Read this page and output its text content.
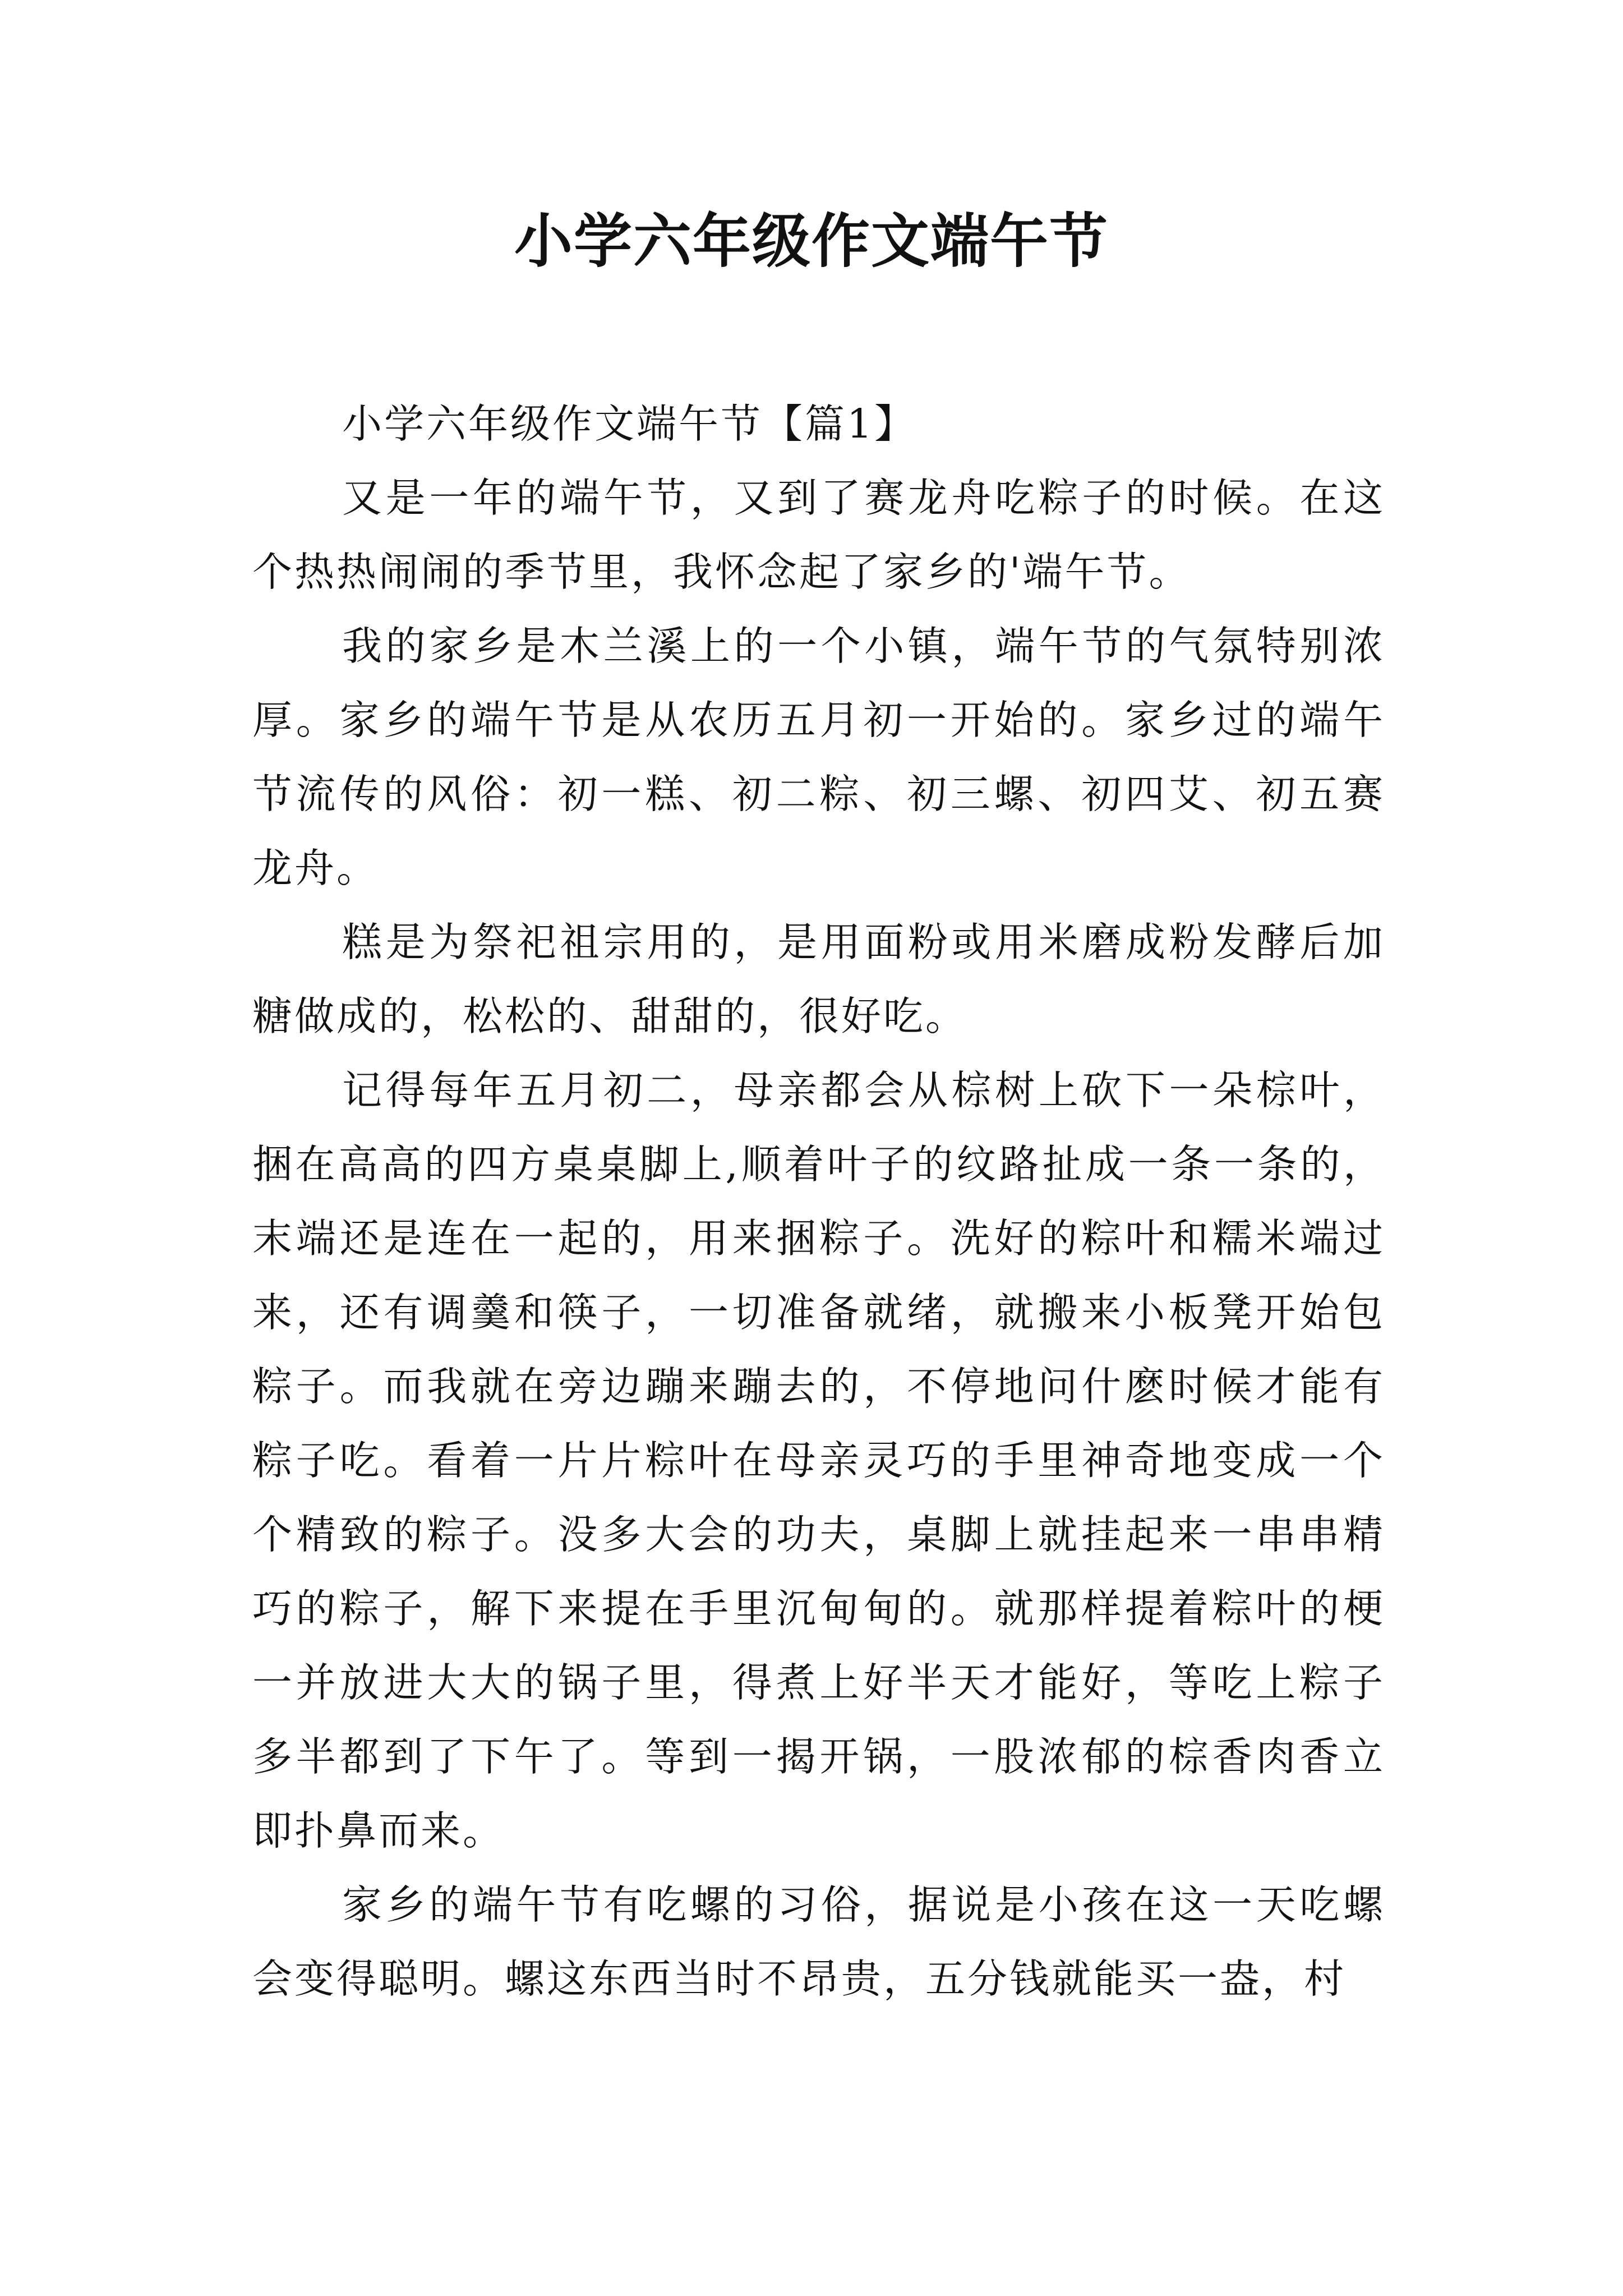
小学六年级作文端午节

小学六年级作文端午节【篇1】

又是一年的端午节，又到了赛龙舟吃粽子的时候。在这个热热闹闹的季节里，我怀念起了家乡的'端午节。

我的家乡是木兰溪上的一个小镇，端午节的气氛特别浓厚。家乡的端午节是从农历五月初一开始的。家乡过的端午节流传的风俗：初一糕、初二粽、初三螺、初四艾、初五赛龙舟。

糕是为祭祀祖宗用的，是用面粉或用米磨成粉发酵后加糖做成的，松松的、甜甜的，很好吃。

记得每年五月初二，母亲都会从棕树上砍下一朵棕叶，捆在高高的四方桌桌脚上,顺着叶子的纹路扯成一条一条的，末端还是连在一起的，用来捆粽子。洗好的粽叶和糯米端过来，还有调羹和筷子，一切准备就绪，就搬来小板凳开始包粽子。而我就在旁边蹦来蹦去的，不停地问什麽时候才能有粽子吃。看着一片片粽叶在母亲灵巧的手里神奇地变成一个个精致的粽子。没多大会的功夫，桌脚上就挂起来一串串精巧的粽子，解下来提在手里沉甸甸的。就那样提着粽叶的梗一并放进大大的锅子里，得煮上好半天才能好，等吃上粽子多半都到了下午了。等到一揭开锅，一股浓郁的棕香肉香立即扑鼻而来。

家乡的端午节有吃螺的习俗，据说是小孩在这一天吃螺会变得聪明。螺这东西当时不昂贵，五分钱就能买一盎，村
